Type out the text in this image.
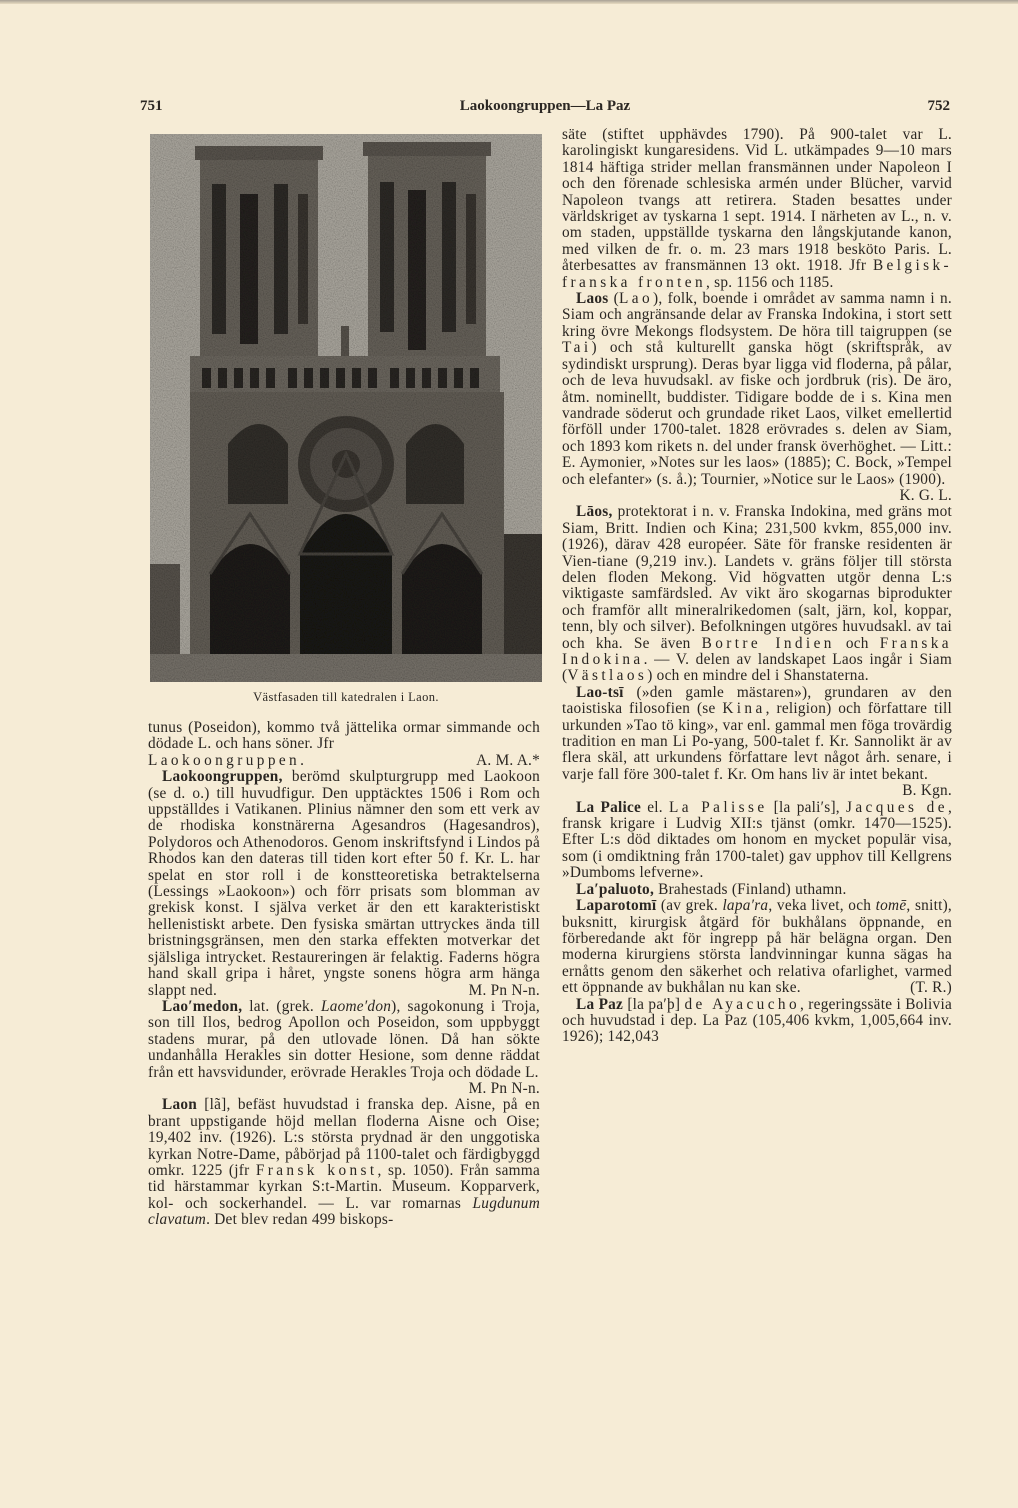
751	Laokoongruppen—La Paz	752
Västfasaden till katedralen i Laon.

tunus (Poseidon), kommo två jättelika ormar simmande och dödade L. och hans söner. Jfr
Laokoongruppen.	A. M. A.*

Laokoongruppen, berömd skulpturgrupp med Laokoon (se d. o.) till huvudfigur. Den upptäcktes 1506 i Rom och uppställdes i Vatikanen. Plinius nämner den som ett verk av de rhodiska konstnärerna Agesandros (Hagesandros), Polydoros och Athenodoros. Genom inskriftsfynd i Lindos på Rhodos kan den dateras till tiden kort efter 50 f. Kr. L. har spelat en stor roll i de konstteoretiska betraktelserna (Lessings »Laokoon») och förr prisats som blomman av grekisk konst. I själva verket är den ett karakteristiskt hellenistiskt arbete. Den fysiska smärtan uttryckes ända till bristningsgränsen, men den starka effekten motverkar det själsliga intrycket. Restaureringen är felaktig. Faderns högra hand skall gripa i håret, yngste sonens högra arm hänga slappt ned.	M. Pn N-n.

Lao′medon, lat. (grek. Laome′don), sagokonung i Troja, son till Ilos, bedrog Apollon och Poseidon, som uppbyggt stadens murar, på den utlovade lönen. Då han sökte undanhålla Herakles sin dotter Hesione, som denne räddat från ett havsvidunder, erövrade Herakles Troja och dödade L.
M. Pn N-n.

Laon [lã], befäst huvudstad i franska dep. Aisne, på en brant uppstigande höjd mellan floderna Aisne och Oise; 19,402 inv. (1926). L:s största prydnad är den unggotiska kyrkan Notre-Dame, påbörjad på 1100-talet och färdigbyggd omkr. 1225 (jfr Fransk konst, sp. 1050). Från samma tid härstammar kyrkan S:t-Martin. Museum. Kopparverk, kol- och sockerhandel. — L. var romarnas Lugdunum clavatum. Det blev redan 499 biskops-

säte (stiftet upphävdes 1790). På 900-talet var L. karolingiskt kungaresidens. Vid L. utkämpades 9—10 mars 1814 häftiga strider mellan fransmännen under Napoleon I och den förenade schlesiska armén under Blücher, varvid Napoleon tvangs att retirera. Staden besattes under världskriget av tyskarna 1 sept. 1914. I närheten av L., n. v. om staden, uppställde tyskarna den långskjutande kanon, med vilken de fr. o. m. 23 mars 1918 besköto Paris. L. återbesattes av fransmännen 13 okt. 1918. Jfr Belgisk-franska fronten, sp. 1156 och 1185.

Laos (Lao), folk, boende i området av samma namn i n. Siam och angränsande delar av Franska Indokina, i stort sett kring övre Mekongs flodsystem. De höra till taigruppen (se Tai) och stå kulturellt ganska högt (skriftspråk, av sydindiskt ursprung). Deras byar ligga vid floderna, på pålar, och de leva huvudsakl. av fiske och jordbruk (ris). De äro, åtm. nominellt, buddister. Tidigare bodde de i s. Kina men vandrade söderut och grundade riket Laos, vilket emellertid förföll under 1700-talet. 1828 erövrades s. delen av Siam, och 1893 kom rikets n. del under fransk överhöghet. — Litt.: E. Aymonier, »Notes sur les laos» (1885); C. Bock, »Tempel och elefanter» (s. å.); Tournier, »Notice sur le Laos» (1900).
K. G. L.

Lāos, protektorat i n. v. Franska Indokina, med gräns mot Siam, Britt. Indien och Kina; 231,500 kvkm, 855,000 inv. (1926), därav 428 européer. Säte för franske residenten är Vien-tiane (9,219 inv.). Landets v. gräns följer till största delen floden Mekong. Vid högvatten utgör denna L:s viktigaste samfärdsled. Av vikt äro skogarnas biprodukter och framför allt mineralrikedomen (salt, järn, kol, koppar, tenn, bly och silver). Befolkningen utgöres huvudsakl. av tai och kha. Se även Bortre Indien och Franska Indokina. — V. delen av landskapet Laos ingår i Siam (Västlaos) och en mindre del i Shanstaterna.

Lao-tsī (»den gamle mästaren»), grundaren av den taoistiska filosofien (se Kina, religion) och författare till urkunden »Tao tö king», var enl. gammal men föga trovärdig tradition en man Li Po-yang, 500-talet f. Kr. Sannolikt är av flera skäl, att urkundens författare levt något årh. senare, i varje fall före 300-talet f. Kr. Om hans liv är intet bekant.
B. Kgn.

La Palice el. La Palisse [la pali′s], Jacques de, fransk krigare i Ludvig XII:s tjänst (omkr. 1470—1525). Efter L:s död diktades om honom en mycket populär visa, som (i omdiktning från 1700-talet) gav upphov till Kellgrens »Dumboms lefverne».

La′paluoto, Brahestads (Finland) uthamn.

Laparotomī (av grek. lapa′ra, veka livet, och tomē, snitt), buksnitt, kirurgisk åtgärd för bukhålans öppnande, en förberedande akt för ingrepp på här belägna organ. Den moderna kirurgiens största landvinningar kunna sägas ha ernåtts genom den säkerhet och relativa ofarlighet, varmed ett öppnande av bukhålan nu kan ske.	(T. R.)

La Paz [la pa′þ] de Ayacucho, regeringssäte i Bolivia och huvudstad i dep. La Paz (105,406 kvkm, 1,005,664 inv. 1926); 142,043
